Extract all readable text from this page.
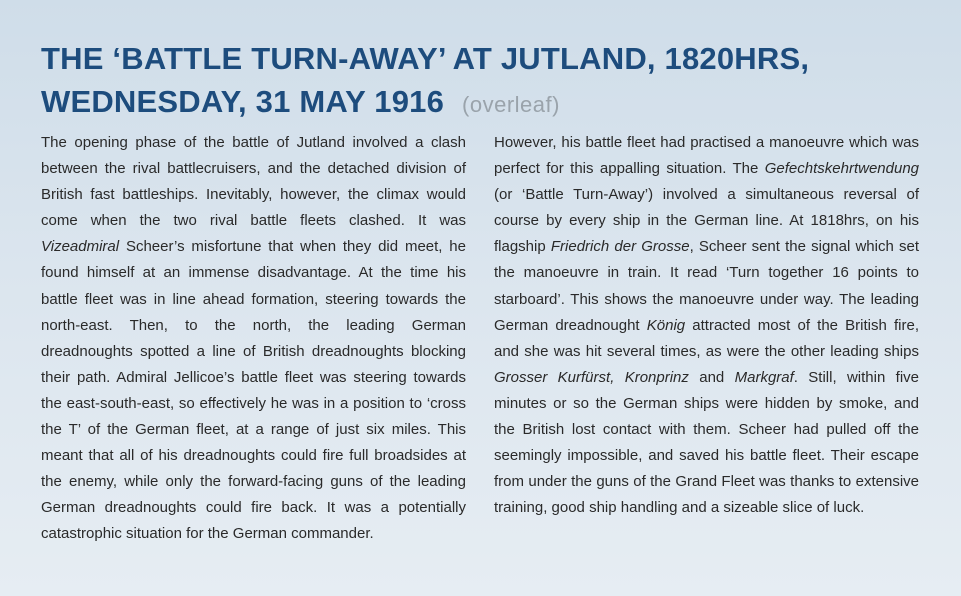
THE ‘BATTLE TURN-AWAY’ AT JUTLAND, 1820HRS, WEDNESDAY, 31 MAY 1916 (overleaf)

The opening phase of the battle of Jutland involved a clash between the rival battlecruisers, and the detached division of British fast battleships. Inevitably, however, the climax would come when the two rival battle fleets clashed. It was Vizeadmiral Scheer’s misfortune that when they did meet, he found himself at an immense disadvantage. At the time his battle fleet was in line ahead formation, steering towards the north-east. Then, to the north, the leading German dreadnoughts spotted a line of British dreadnoughts blocking their path. Admiral Jellicoe’s battle fleet was steering towards the east-south-east, so effectively he was in a position to ‘cross the T’ of the German fleet, at a range of just six miles. This meant that all of his dreadnoughts could fire full broadsides at the enemy, while only the forward-facing guns of the leading German dreadnoughts could fire back. It was a potentially catastrophic situation for the German commander.

However, his battle fleet had practised a manoeuvre which was perfect for this appalling situation. The Gefechtskehrtwendung (or ‘Battle Turn-Away’) involved a simultaneous reversal of course by every ship in the German line. At 1818hrs, on his flagship Friedrich der Grosse, Scheer sent the signal which set the manoeuvre in train. It read ‘Turn together 16 points to starboard’. This shows the manoeuvre under way. The leading German dreadnought König attracted most of the British fire, and she was hit several times, as were the other leading ships Grosser Kurfürst, Kronprinz and Markgraf. Still, within five minutes or so the German ships were hidden by smoke, and the British lost contact with them. Scheer had pulled off the seemingly impossible, and saved his battle fleet. Their escape from under the guns of the Grand Fleet was thanks to extensive training, good ship handling and a sizeable slice of luck.
